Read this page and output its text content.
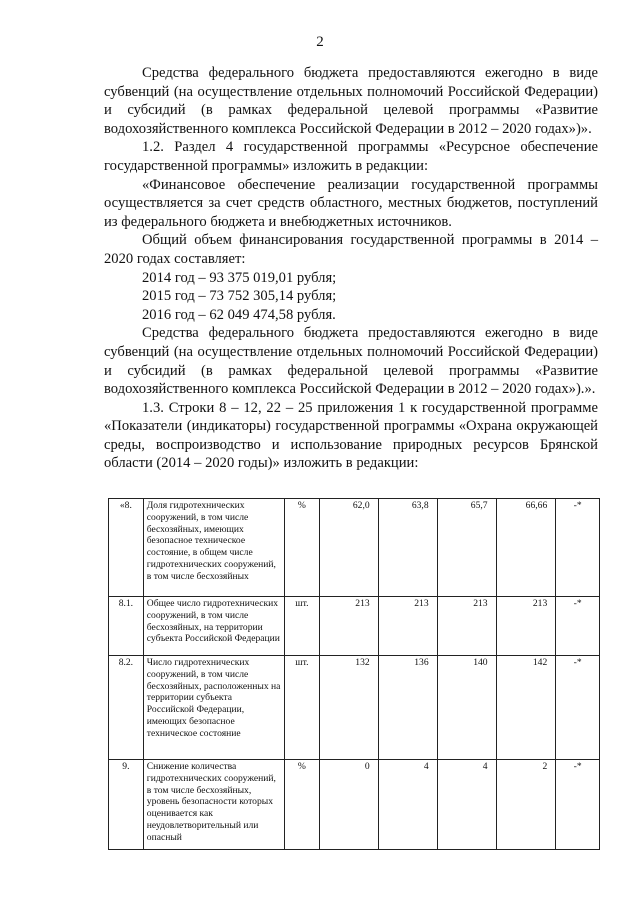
2

Средства федерального бюджета предоставляются ежегодно в виде субвенций (на осуществление отдельных полномочий Российской Федерации) и субсидий (в рамках федеральной целевой программы «Развитие водохозяйственного комплекса Российской Федерации в 2012 – 2020 годах»)».

1.2. Раздел 4 государственной программы «Ресурсное обеспечение государственной программы» изложить в редакции:

«Финансовое обеспечение реализации государственной программы осуществляется за счет средств областного, местных бюджетов, поступлений из федерального бюджета и внебюджетных источников.

Общий объем финансирования государственной программы в 2014 – 2020 годах составляет:

2014 год – 93 375 019,01 рубля;

2015 год – 73 752 305,14 рубля;

2016 год – 62 049 474,58 рубля.

Средства федерального бюджета предоставляются ежегодно в виде субвенций (на осуществление отдельных полномочий Российской Федерации) и субсидий (в рамках федеральной целевой программы «Развитие водохозяйственного комплекса Российской Федерации в 2012 – 2020 годах»).».

1.3. Строки 8 – 12, 22 – 25 приложения 1 к государственной программе «Показатели (индикаторы) государственной программы «Охрана окружающей среды, воспроизводство и использование природных ресурсов Брянской области (2014 – 2020 годы)» изложить в редакции:

«8.	Доля гидротехнических сооружений, в том числе бесхозяйных, имеющих безопасное техническое состояние, в общем числе гидротехнических сооружений, в том числе бесхозяйных	%	62,0	63,8	65,7	66,66	-*
8.1.	Общее число гидротехнических сооружений, в том числе бесхозяйных, на территории субъекта Российской Федерации	шт.	213	213	213	213	-*
8.2.	Число гидротехнических сооружений, в том числе бесхозяйных, расположенных на территории субъекта Российской Федерации, имеющих безопасное техническое состояние	шт.	132	136	140	142	-*
9.	Снижение количества гидротехнических сооружений, в том числе бесхозяйных, уровень безопасности которых оценивается как неудовлетворительный или опасный	%	0	4	4	2	-*
